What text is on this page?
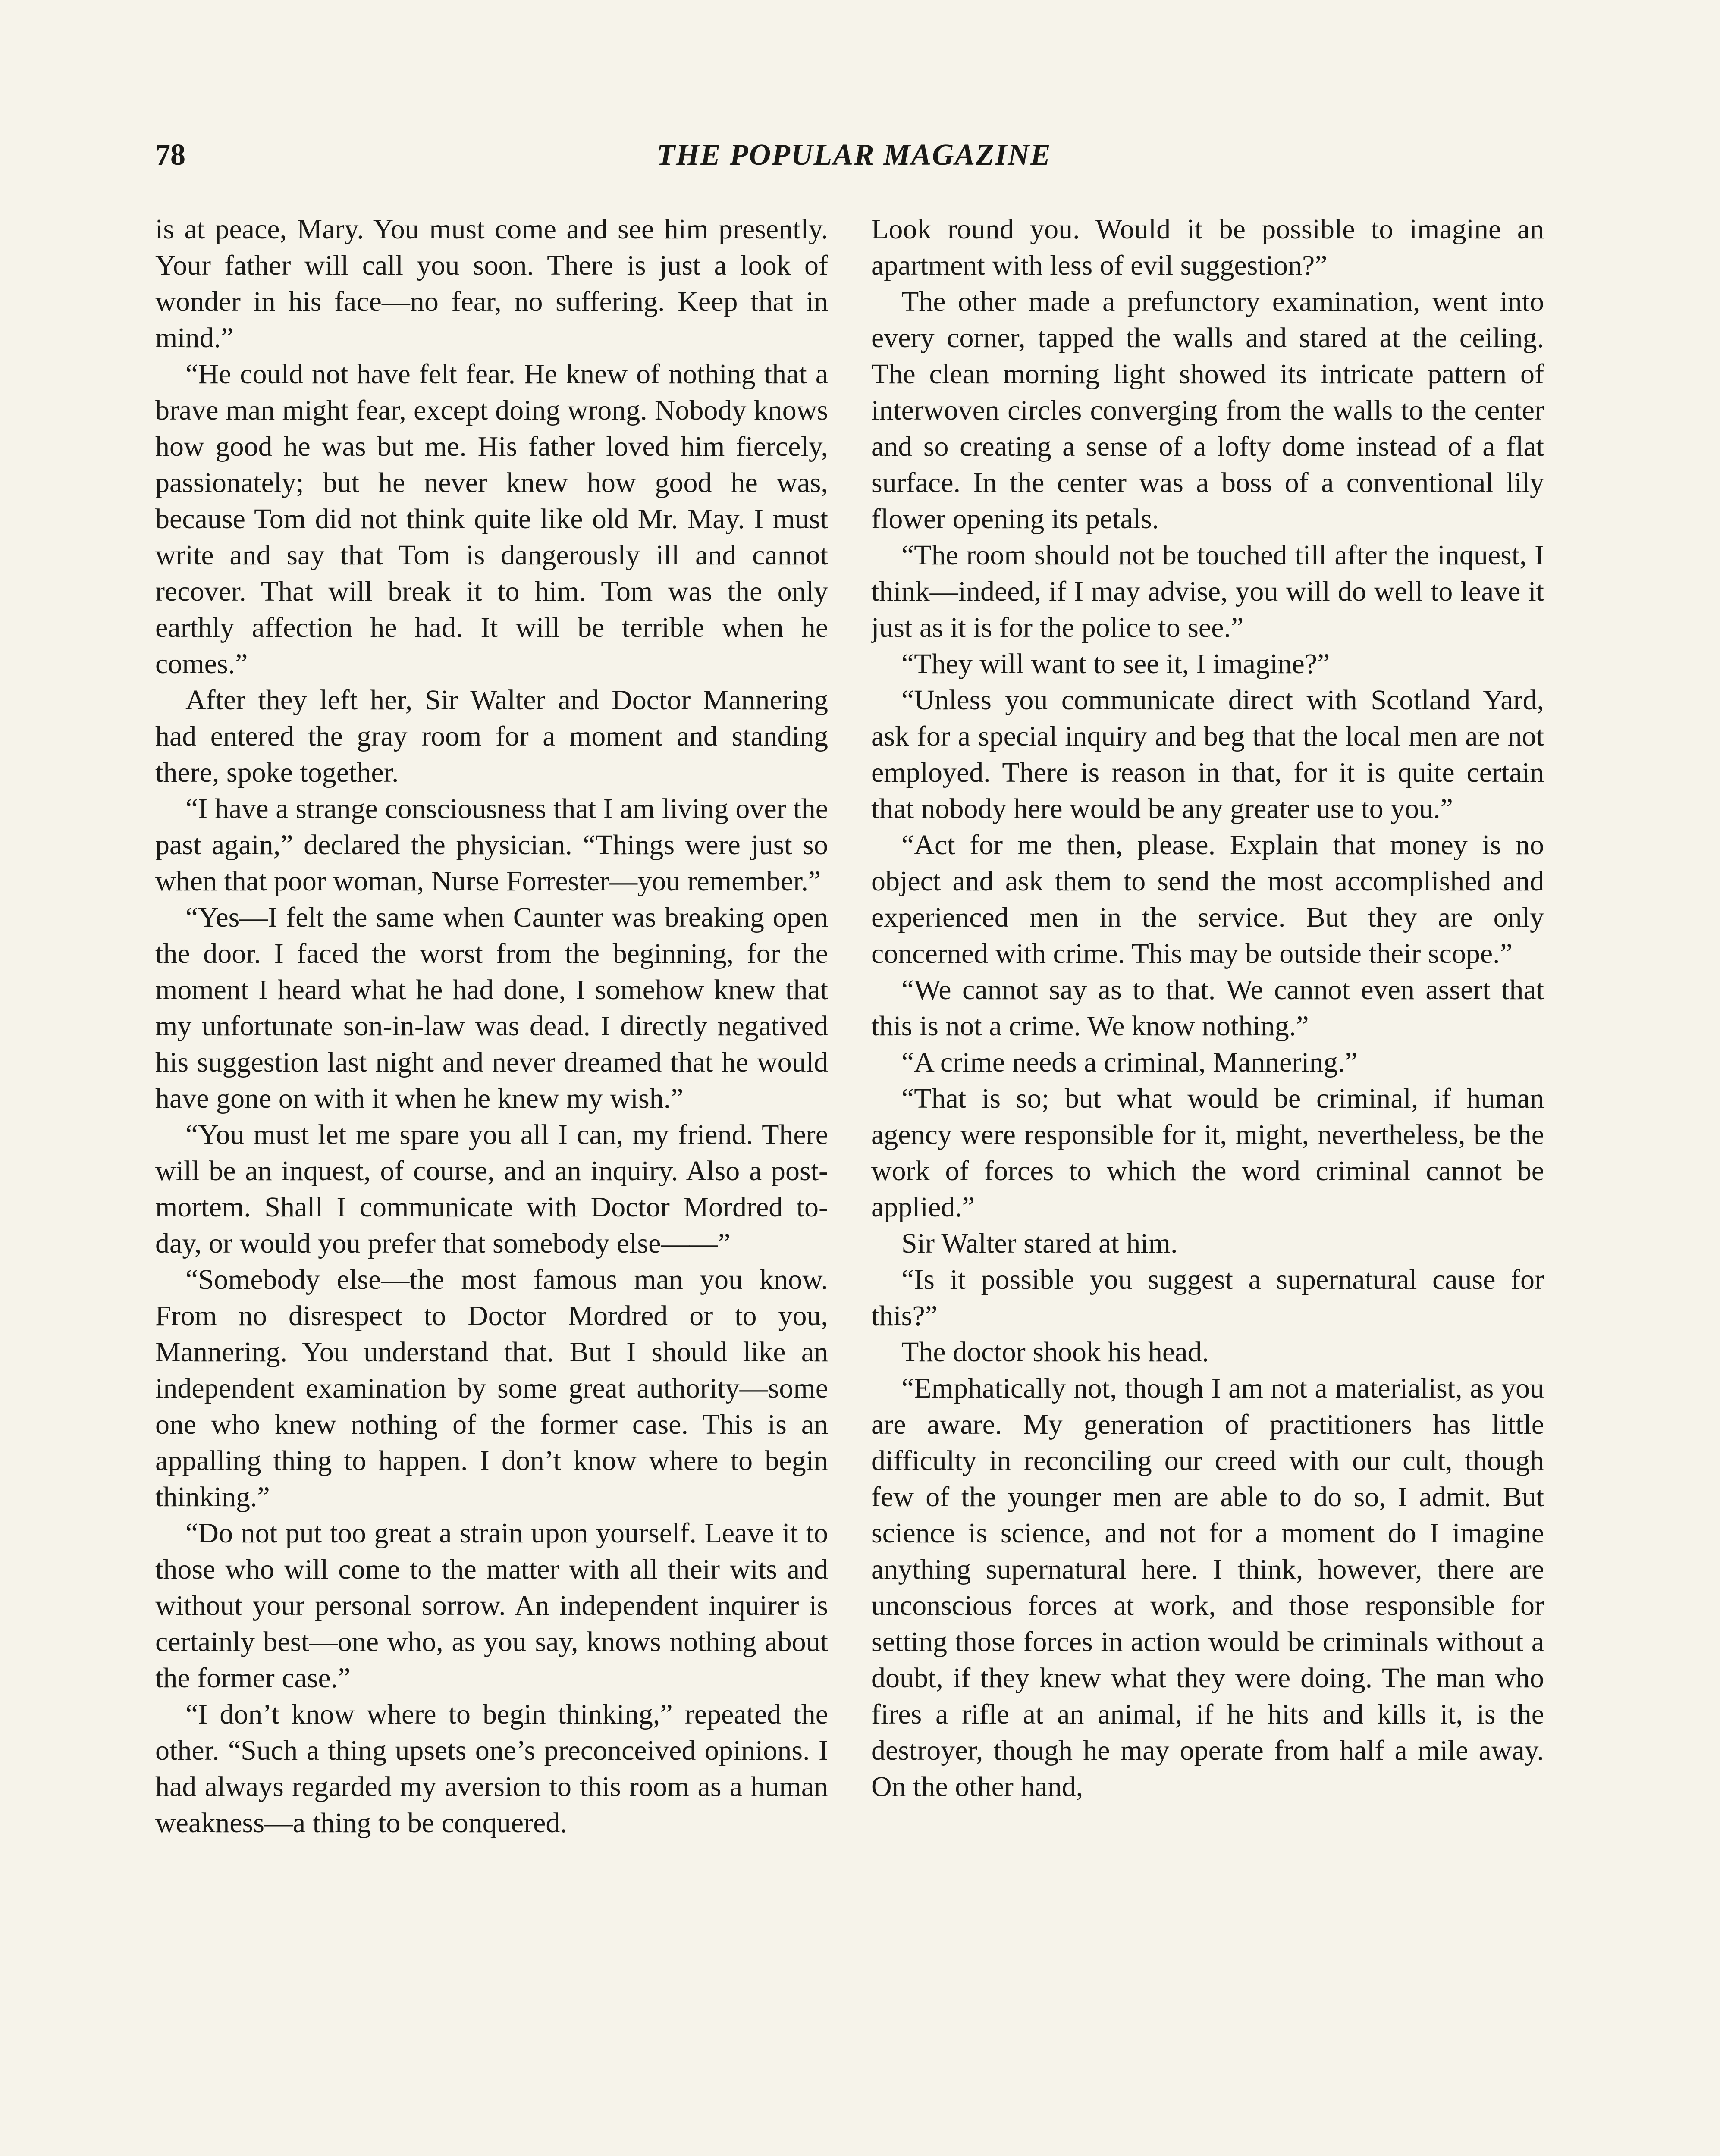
78	THE POPULAR MAGAZINE

is at peace, Mary. You must come and see him presently. Your father will call you soon. There is just a look of wonder in his face—no fear, no suffering. Keep that in mind.”

“He could not have felt fear. He knew of nothing that a brave man might fear, except doing wrong. Nobody knows how good he was but me. His father loved him fiercely, passionately; but he never knew how good he was, because Tom did not think quite like old Mr. May. I must write and say that Tom is dangerously ill and cannot recover. That will break it to him. Tom was the only earthly affection he had. It will be terrible when he comes.”

After they left her, Sir Walter and Doctor Mannering had entered the gray room for a moment and standing there, spoke together.

“I have a strange consciousness that I am living over the past again,” declared the physician. “Things were just so when that poor woman, Nurse Forrester—you remember.”

“Yes—I felt the same when Caunter was breaking open the door. I faced the worst from the beginning, for the moment I heard what he had done, I somehow knew that my unfortunate son-in-law was dead. I directly negatived his suggestion last night and never dreamed that he would have gone on with it when he knew my wish.”

“You must let me spare you all I can, my friend. There will be an inquest, of course, and an inquiry. Also a post-mortem. Shall I communicate with Doctor Mordred to-day, or would you prefer that somebody else——”

“Somebody else—the most famous man you know. From no disrespect to Doctor Mordred or to you, Mannering. You understand that. But I should like an independent examination by some great authority—some one who knew nothing of the former case. This is an appalling thing to happen. I don’t know where to begin thinking.”

“Do not put too great a strain upon yourself. Leave it to those who will come to the matter with all their wits and without your personal sorrow. An independent inquirer is certainly best—one who, as you say, knows nothing about the former case.”

“I don’t know where to begin thinking,” repeated the other. “Such a thing upsets one’s preconceived opinions. I had always regarded my aversion to this room as a human weakness—a thing to be conquered.

Look round you. Would it be possible to imagine an apartment with less of evil suggestion?”

The other made a prefunctory examination, went into every corner, tapped the walls and stared at the ceiling. The clean morning light showed its intricate pattern of interwoven circles converging from the walls to the center and so creating a sense of a lofty dome instead of a flat surface. In the center was a boss of a conventional lily flower opening its petals.

“The room should not be touched till after the inquest, I think—indeed, if I may advise, you will do well to leave it just as it is for the police to see.”

“They will want to see it, I imagine?”

“Unless you communicate direct with Scotland Yard, ask for a special inquiry and beg that the local men are not employed. There is reason in that, for it is quite certain that nobody here would be any greater use to you.”

“Act for me then, please. Explain that money is no object and ask them to send the most accomplished and experienced men in the service. But they are only concerned with crime. This may be outside their scope.”

“We cannot say as to that. We cannot even assert that this is not a crime. We know nothing.”

“A crime needs a criminal, Mannering.”

“That is so; but what would be criminal, if human agency were responsible for it, might, nevertheless, be the work of forces to which the word criminal cannot be applied.”

Sir Walter stared at him.

“Is it possible you suggest a supernatural cause for this?”

The doctor shook his head.

“Emphatically not, though I am not a materialist, as you are aware. My generation of practitioners has little difficulty in reconciling our creed with our cult, though few of the younger men are able to do so, I admit. But science is science, and not for a moment do I imagine anything supernatural here. I think, however, there are unconscious forces at work, and those responsible for setting those forces in action would be criminals without a doubt, if they knew what they were doing. The man who fires a rifle at an animal, if he hits and kills it, is the destroyer, though he may operate from half a mile away. On the other hand,
